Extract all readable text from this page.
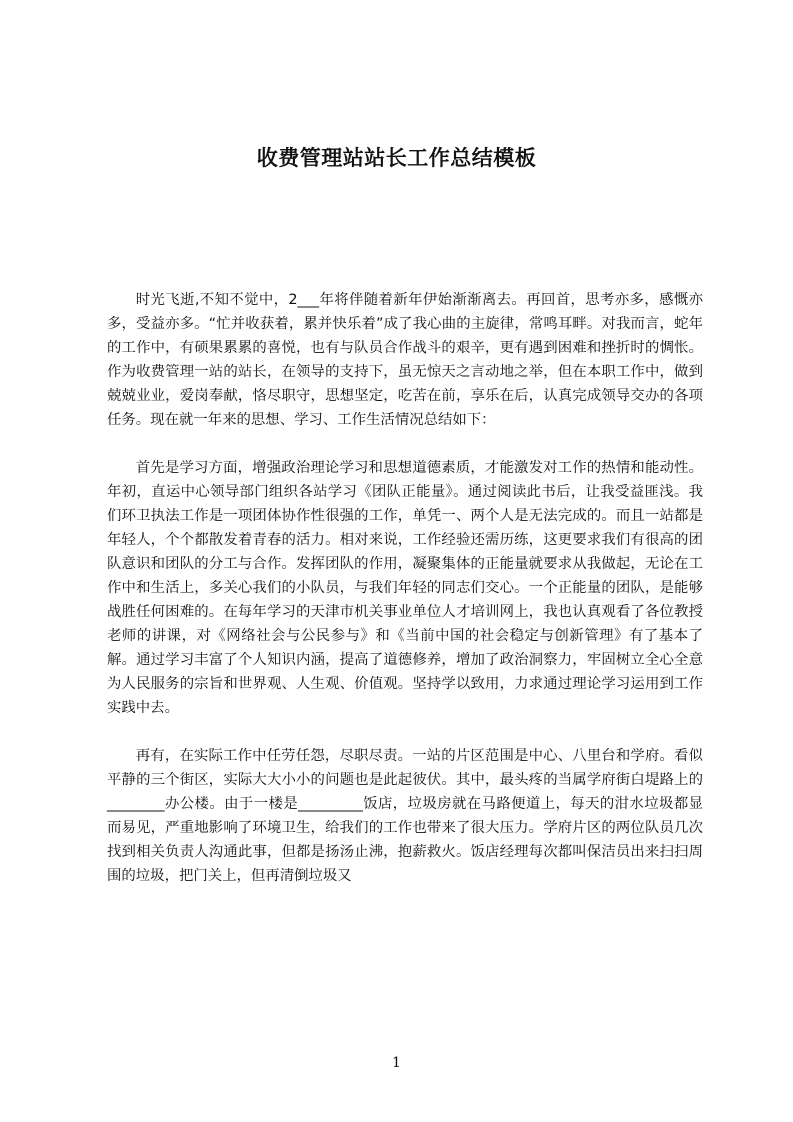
收费管理站站长工作总结模板

时光飞逝,不知不觉中，2___年将伴随着新年伊始渐渐离去。再回首，思考亦多，感慨亦多，受益亦多。“忙并收获着，累并快乐着”成了我心曲的主旋律，常鸣耳畔。对我而言，蛇年的工作中，有硕果累累的喜悦，也有与队员合作战斗的艰辛，更有遇到困难和挫折时的惆怅。作为收费管理一站的站长，在领导的支持下，虽无惊天之言动地之举，但在本职工作中，做到兢兢业业，爱岗奉献，恪尽职守，思想坚定，吃苦在前，享乐在后，认真完成领导交办的各项任务。现在就一年来的思想、学习、工作生活情况总结如下：

首先是学习方面，增强政治理论学习和思想道德素质，才能激发对工作的热情和能动性。年初，直运中心领导部门组织各站学习《团队正能量》。通过阅读此书后，让我受益匪浅。我们环卫执法工作是一项团体协作性很强的工作，单凭一、两个人是无法完成的。而且一站都是年轻人，个个都散发着青春的活力。相对来说，工作经验还需历练，这更要求我们有很高的团队意识和团队的分工与合作。发挥团队的作用，凝聚集体的正能量就要求从我做起，无论在工作中和生活上，多关心我们的小队员，与我们年轻的同志们交心。一个正能量的团队，是能够战胜任何困难的。在每年学习的天津市机关事业单位人才培训网上，我也认真观看了各位教授老师的讲课，对《网络社会与公民参与》和《当前中国的社会稳定与创新管理》有了基本了解。通过学习丰富了个人知识内涵，提高了道德修养，增加了政治洞察力，牢固树立全心全意为人民服务的宗旨和世界观、人生观、价值观。坚持学以致用，力求通过理论学习运用到工作实践中去。

再有，在实际工作中任劳任怨，尽职尽责。一站的片区范围是中心、八里台和学府。看似平静的三个街区，实际大大小小的问题也是此起彼伏。其中，最头疼的当属学府街白堤路上的________办公楼。由于一楼是_________饭店，垃圾房就在马路便道上，每天的泔水垃圾都显而易见，严重地影响了环境卫生，给我们的工作也带来了很大压力。学府片区的两位队员几次找到相关负责人沟通此事，但都是扬汤止沸，抱薪救火。饭店经理每次都叫保洁员出来扫扫周围的垃圾，把门关上，但再清倒垃圾又

1
